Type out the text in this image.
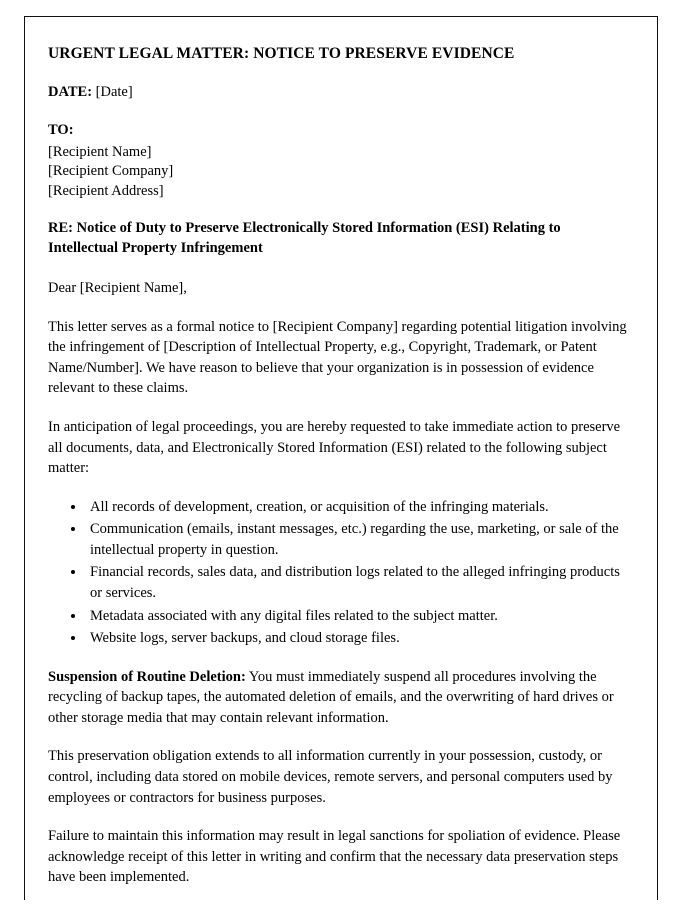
URGENT LEGAL MATTER: NOTICE TO PRESERVE EVIDENCE
DATE: [Date]
TO:
[Recipient Name]
[Recipient Company]
[Recipient Address]
RE: Notice of Duty to Preserve Electronically Stored Information (ESI) Relating to Intellectual Property Infringement
Dear [Recipient Name],

This letter serves as a formal notice to [Recipient Company] regarding potential litigation involving the infringement of [Description of Intellectual Property, e.g., Copyright, Trademark, or Patent Name/Number]. We have reason to believe that your organization is in possession of evidence relevant to these claims.

In anticipation of legal proceedings, you are hereby requested to take immediate action to preserve all documents, data, and Electronically Stored Information (ESI) related to the following subject matter:

• All records of development, creation, or acquisition of the infringing materials.
• Communication (emails, instant messages, etc.) regarding the use, marketing, or sale of the intellectual property in question.
• Financial records, sales data, and distribution logs related to the alleged infringing products or services.
• Metadata associated with any digital files related to the subject matter.
• Website logs, server backups, and cloud storage files.

Suspension of Routine Deletion: You must immediately suspend all procedures involving the recycling of backup tapes, the automated deletion of emails, and the overwriting of hard drives or other storage media that may contain relevant information.

This preservation obligation extends to all information currently in your possession, custody, or control, including data stored on mobile devices, remote servers, and personal computers used by employees or contractors for business purposes.

Failure to maintain this information may result in legal sanctions for spoliation of evidence. Please acknowledge receipt of this letter in writing and confirm that the necessary data preservation steps have been implemented.
